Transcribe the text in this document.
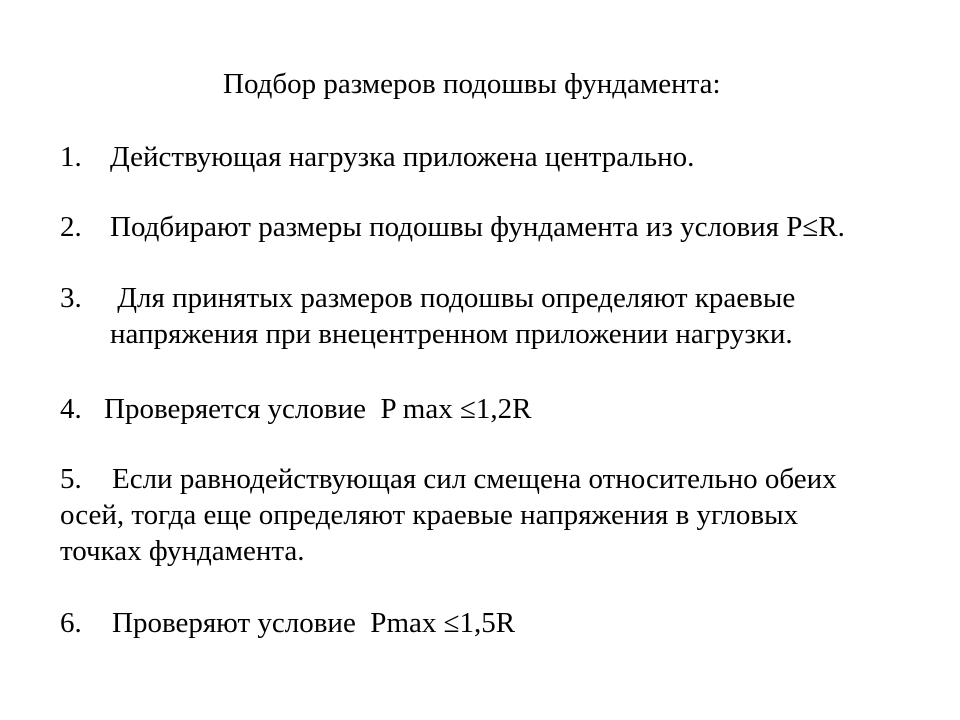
Подбор размеров подошвы фундамента:
1. Действующая нагрузка приложена центрально.
2. Подбирают размеры подошвы фундамента из условия P≤R.
3. Для принятых размеров подошвы определяют краевые
напряжения при внецентренном приложении нагрузки.
4. Проверяется условие  P max ≤1,2R
5. Если равнодействующая сил смещена относительно обеих
осей, тогда еще определяют краевые напряжения в угловых
точках фундамента.
6. Проверяют условие  Pmax ≤1,5R
